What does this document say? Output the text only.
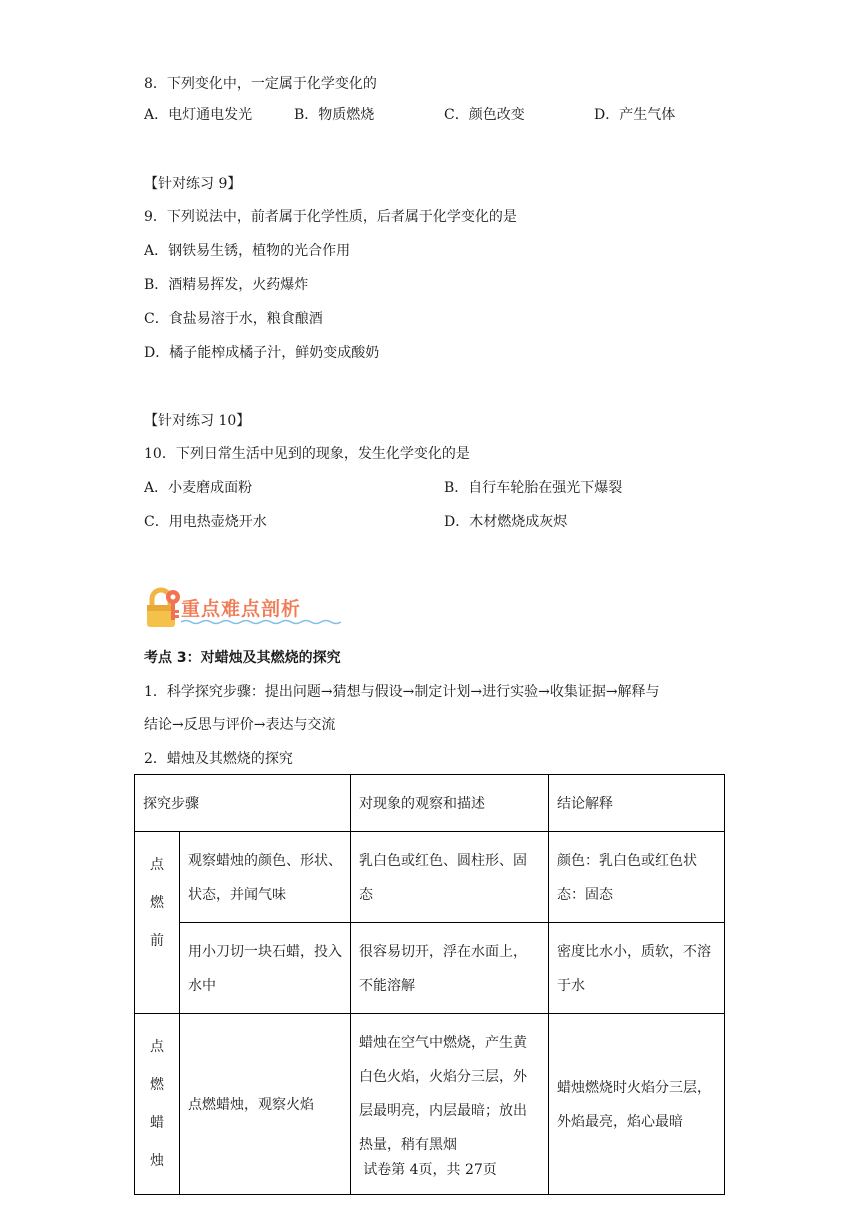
8．下列变化中，一定属于化学变化的
A．电灯通电发光	B．物质燃烧	C．颜色改变	D．产生气体
【针对练习 9】
9．下列说法中，前者属于化学性质，后者属于化学变化的是
A．钢铁易生锈，植物的光合作用
B．酒精易挥发，火药爆炸
C．食盐易溶于水，粮食酿酒
D．橘子能榨成橘子汁，鲜奶变成酸奶
【针对练习 10】
10．下列日常生活中见到的现象，发生化学变化的是
A．小麦磨成面粉	B．自行车轮胎在强光下爆裂
C．用电热壶烧开水	D．木材燃烧成灰烬
重点难点剖析
考点 3：对蜡烛及其燃烧的探究
1．科学探究步骤：提出问题→猜想与假设→制定计划→进行实验→收集证据→解释与
结论→反思与评价→表达与交流
2．蜡烛及其燃烧的探究
探究步骤		对现象的观察和描述	结论解释

点
燃
前	观察蜡烛的颜色、形状、状态，并闻气味	乳白色或红色、圆柱形、固态	颜色：乳白色或红色状态：固态
	用小刀切一块石蜡，投入水中	很容易切开，浮在水面上，不能溶解	密度比水小，质软，不溶于水

点
燃
蜡
烛	点燃蜡烛，观察火焰	蜡烛在空气中燃烧，产生黄白色火焰，火焰分三层，外层最明亮，内层最暗；放出热量，稍有黑烟	蜡烛燃烧时火焰分三层，外焰最亮，焰心最暗
试卷第 4页，共 27页
